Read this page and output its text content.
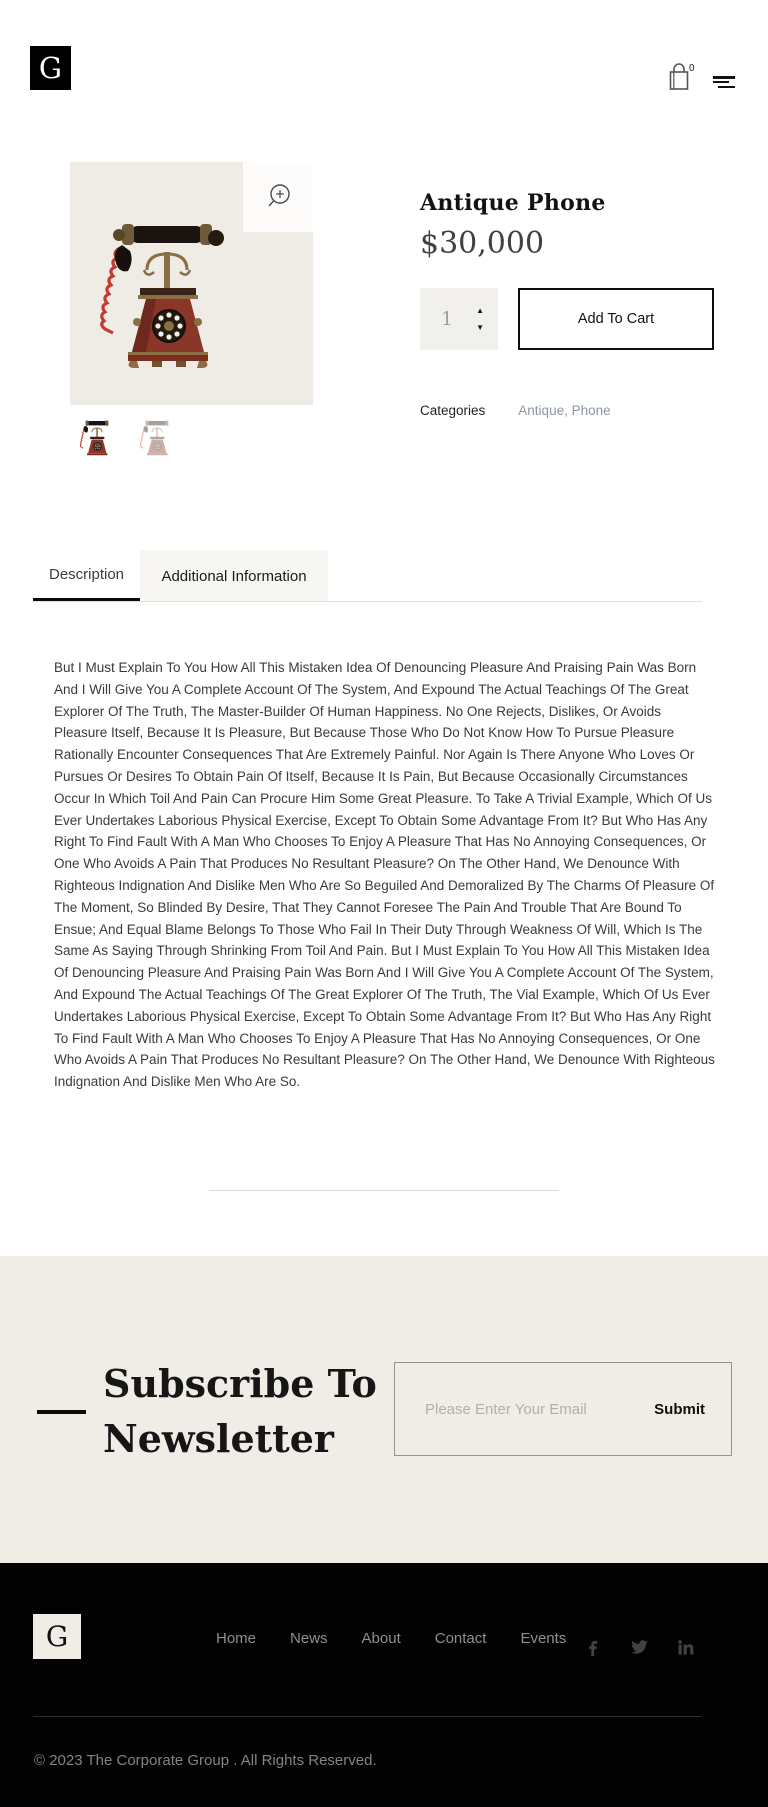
G	0
Antique Phone
$30,000
1	▲
▼	Add To Cart
Categories Antique, Phone
Description	Additional Information
But I Must Explain To You How All This Mistaken Idea Of Denouncing Pleasure And Praising Pain Was Born And I Will Give You A Complete Account Of The System, And Expound The Actual Teachings Of The Great Explorer Of The Truth, The Master-Builder Of Human Happiness. No One Rejects, Dislikes, Or Avoids Pleasure Itself, Because It Is Pleasure, But Because Those Who Do Not Know How To Pursue Pleasure Rationally Encounter Consequences That Are Extremely Painful. Nor Again Is There Anyone Who Loves Or Pursues Or Desires To Obtain Pain Of Itself, Because It Is Pain, But Because Occasionally Circumstances Occur In Which Toil And Pain Can Procure Him Some Great Pleasure. To Take A Trivial Example, Which Of Us Ever Undertakes Laborious Physical Exercise, Except To Obtain Some Advantage From It? But Who Has Any Right To Find Fault With A Man Who Chooses To Enjoy A Pleasure That Has No Annoying Consequences, Or One Who Avoids A Pain That Produces No Resultant Pleasure? On The Other Hand, We Denounce With Righteous Indignation And Dislike Men Who Are So Beguiled And Demoralized By The Charms Of Pleasure Of The Moment, So Blinded By Desire, That They Cannot Foresee The Pain And Trouble That Are Bound To Ensue; And Equal Blame Belongs To Those Who Fail In Their Duty Through Weakness Of Will, Which Is The Same As Saying Through Shrinking From Toil And Pain. But I Must Explain To You How All This Mistaken Idea Of Denouncing Pleasure And Praising Pain Was Born And I Will Give You A Complete Account Of The System, And Expound The Actual Teachings Of The Great Explorer Of The Truth, The Vial Example, Which Of Us Ever Undertakes Laborious Physical Exercise, Except To Obtain Some Advantage From It? But Who Has Any Right To Find Fault With A Man Who Chooses To Enjoy A Pleasure That Has No Annoying Consequences, Or One Who Avoids A Pain That Produces No Resultant Pleasure? On The Other Hand, We Denounce With Righteous Indignation And Dislike Men Who Are So.
Subscribe To
Newsletter
Please Enter Your Email
Submit
G	Home News About Contact Events
© 2023 The Corporate Group . All Rights Reserved.
